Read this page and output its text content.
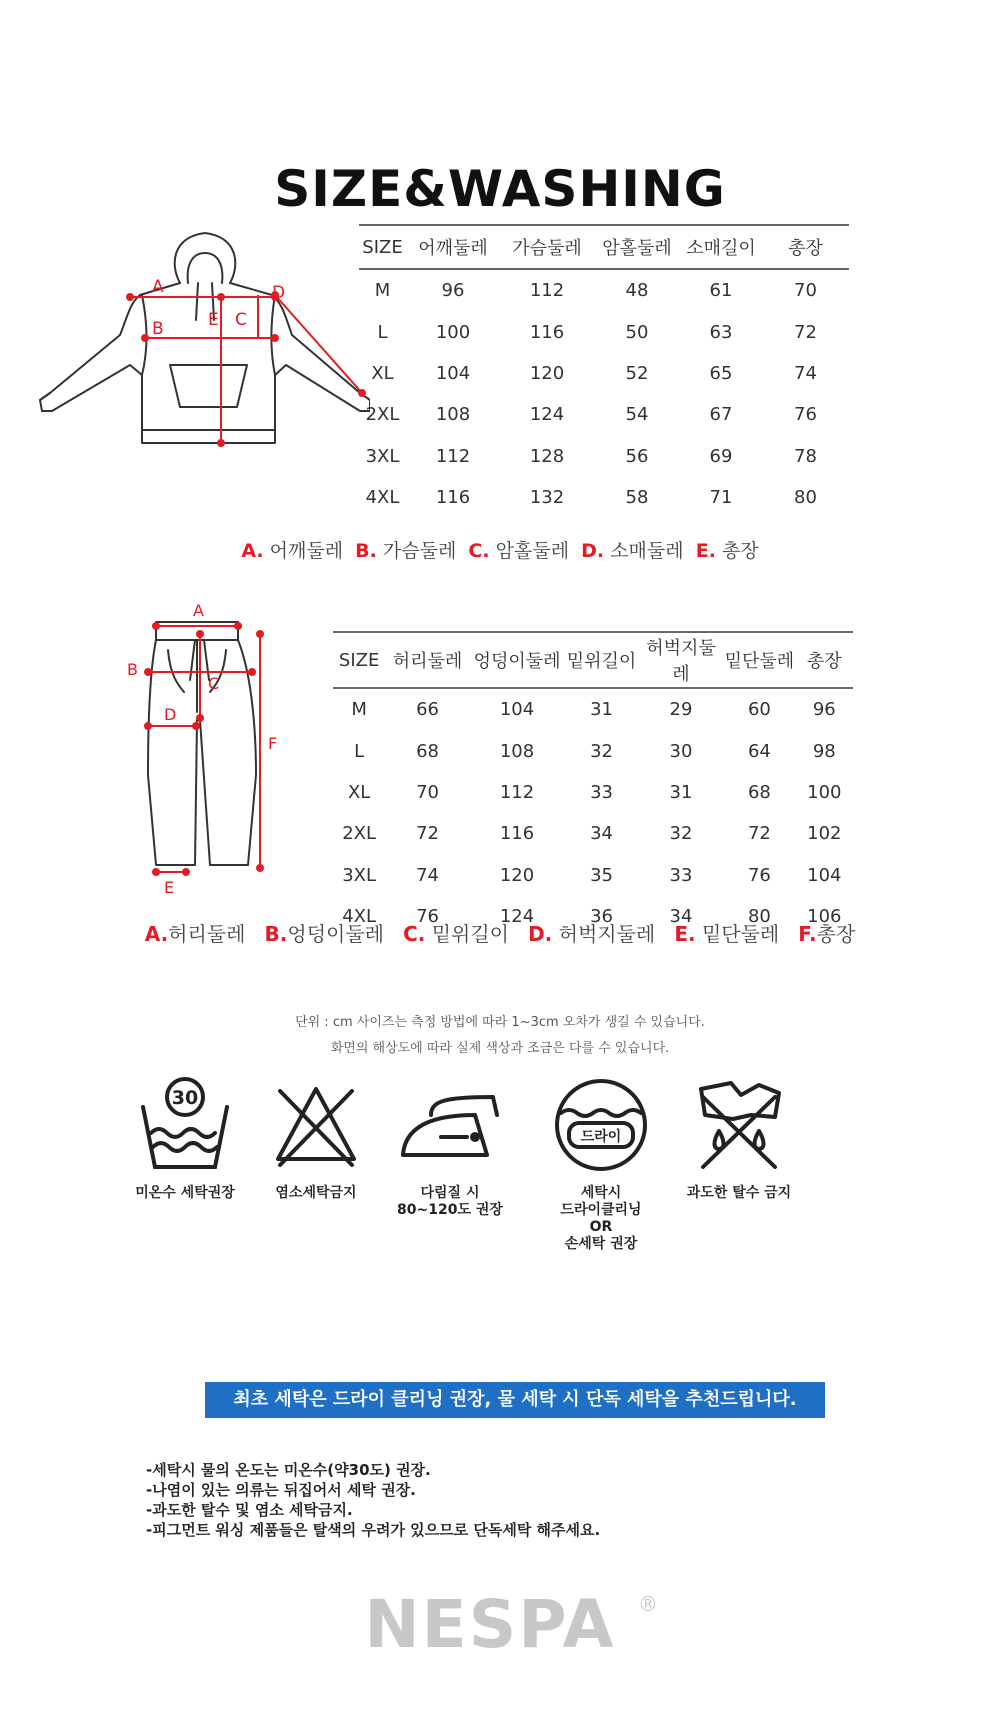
SIZE&WASHING
A
B	E C
D
SIZE	어깨둘레	가슴둘레	암홀둘레	소매길이	총장
M	96	112	48	61	70
L	100	116	50	63	72
XL	104	120	52	65	74
2XL	108	124	54	67	76
3XL	112	128	56	69	78
4XL	116	132	58	71	80
A. 어깨둘레 B. 가슴둘레 C. 암홀둘레 D. 소매둘레 E. 총장
A
B
C
D
E
F
SIZE	허리둘레	엉덩이둘레	밑위길이	허벅지둘레	밑단둘레	총장
M	66	104	31	29	60	96
L	68	108	32	30	64	98
XL	70	112	33	31	68	100
2XL	72	116	34	32	72	102
3XL	74	120	35	33	76	104
4XL	76	124	36	34	80	106
A.허리둘레 B.엉덩이둘레 C. 밑위길이 D. 허벅지둘레 E. 밑단둘레 F.총장
단위 : cm 사이즈는 측정 방법에 따라 1~3cm 오차가 생길 수 있습니다.
화면의 해상도에 따라 실제 색상과 조금은 다를 수 있습니다.
30
미온수 세탁권장	염소세탁금지	다림질 시
80~120도 권장
드라이
세탁시
드라이클리닝
OR
손세탁 권장
과도한 탈수 금지
최초 세탁은 드라이 클리닝 권장, 물 세탁 시 단독 세탁을 추천드립니다.
-세탁시 물의 온도는 미온수(약30도) 권장.
-나염이 있는 의류는 뒤집어서 세탁 권장.
-과도한 탈수 및 염소 세탁금지.
-피그먼트 워싱 제품들은 탈색의 우려가 있으므로 단독세탁 해주세요.
NESPA ®
